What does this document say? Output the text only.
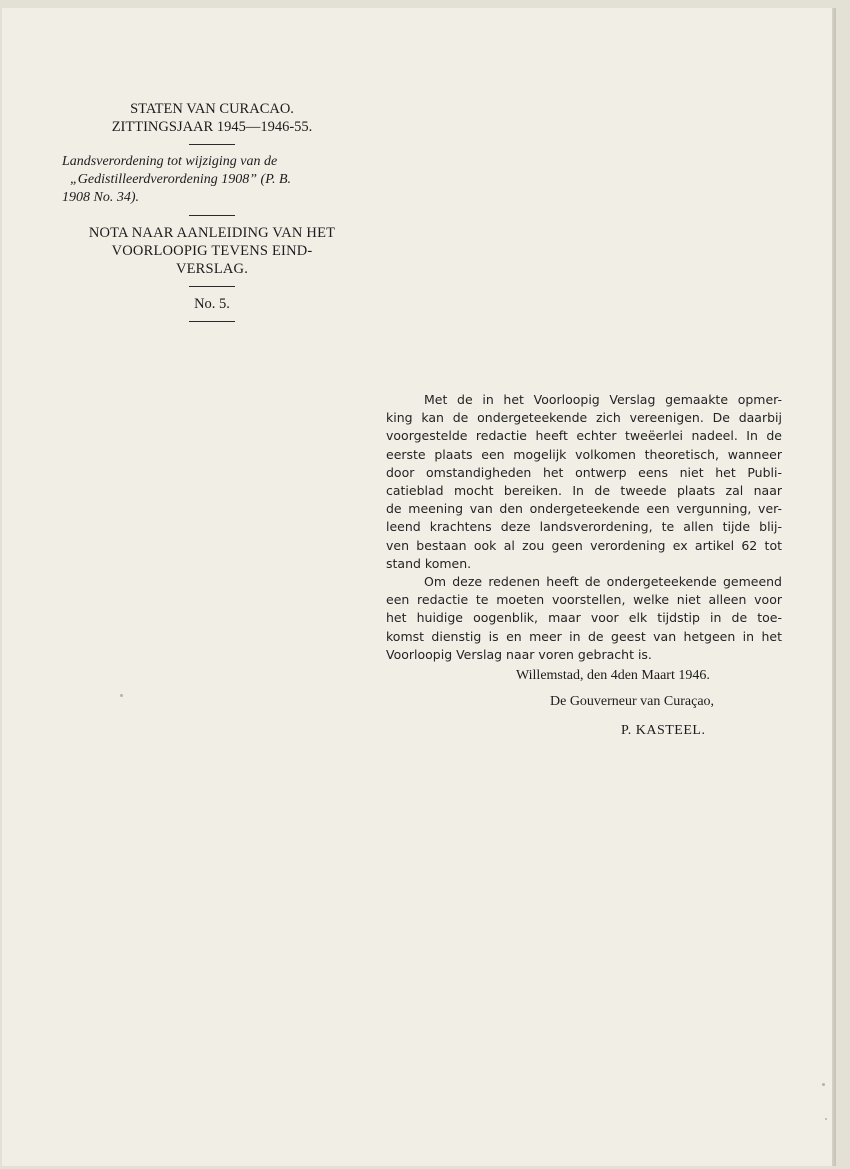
STATEN VAN CURACAO.
ZITTINGSJAAR 1945—1946-55.
Landsverordening tot wijziging van de
„Gedistilleerdverordening 1908” (P. B.
1908 No. 34).
NOTA NAAR AANLEIDING VAN HET
VOORLOOPIG TEVENS EIND-
VERSLAG.
No. 5.
Met de in het Voorloopig Verslag gemaakte opmer-
king kan de ondergeteekende zich vereenigen. De daarbij
voorgestelde redactie heeft echter tweëerlei nadeel. In de
eerste plaats een mogelijk volkomen theoretisch, wanneer
door omstandigheden het ontwerp eens niet het Publi-
catieblad mocht bereiken. In de tweede plaats zal naar
de meening van den ondergeteekende een vergunning, ver-
leend krachtens deze landsverordening, te allen tijde blij-
ven bestaan ook al zou geen verordening ex artikel 62 tot
stand komen.
Om deze redenen heeft de ondergeteekende gemeend
een redactie te moeten voorstellen, welke niet alleen voor
het huidige oogenblik, maar voor elk tijdstip in de toe-
komst dienstig is en meer in de geest van hetgeen in het
Voorloopig Verslag naar voren gebracht is.
Willemstad, den 4den Maart 1946.
De Gouverneur van Curaçao,
P. KASTEEL.
